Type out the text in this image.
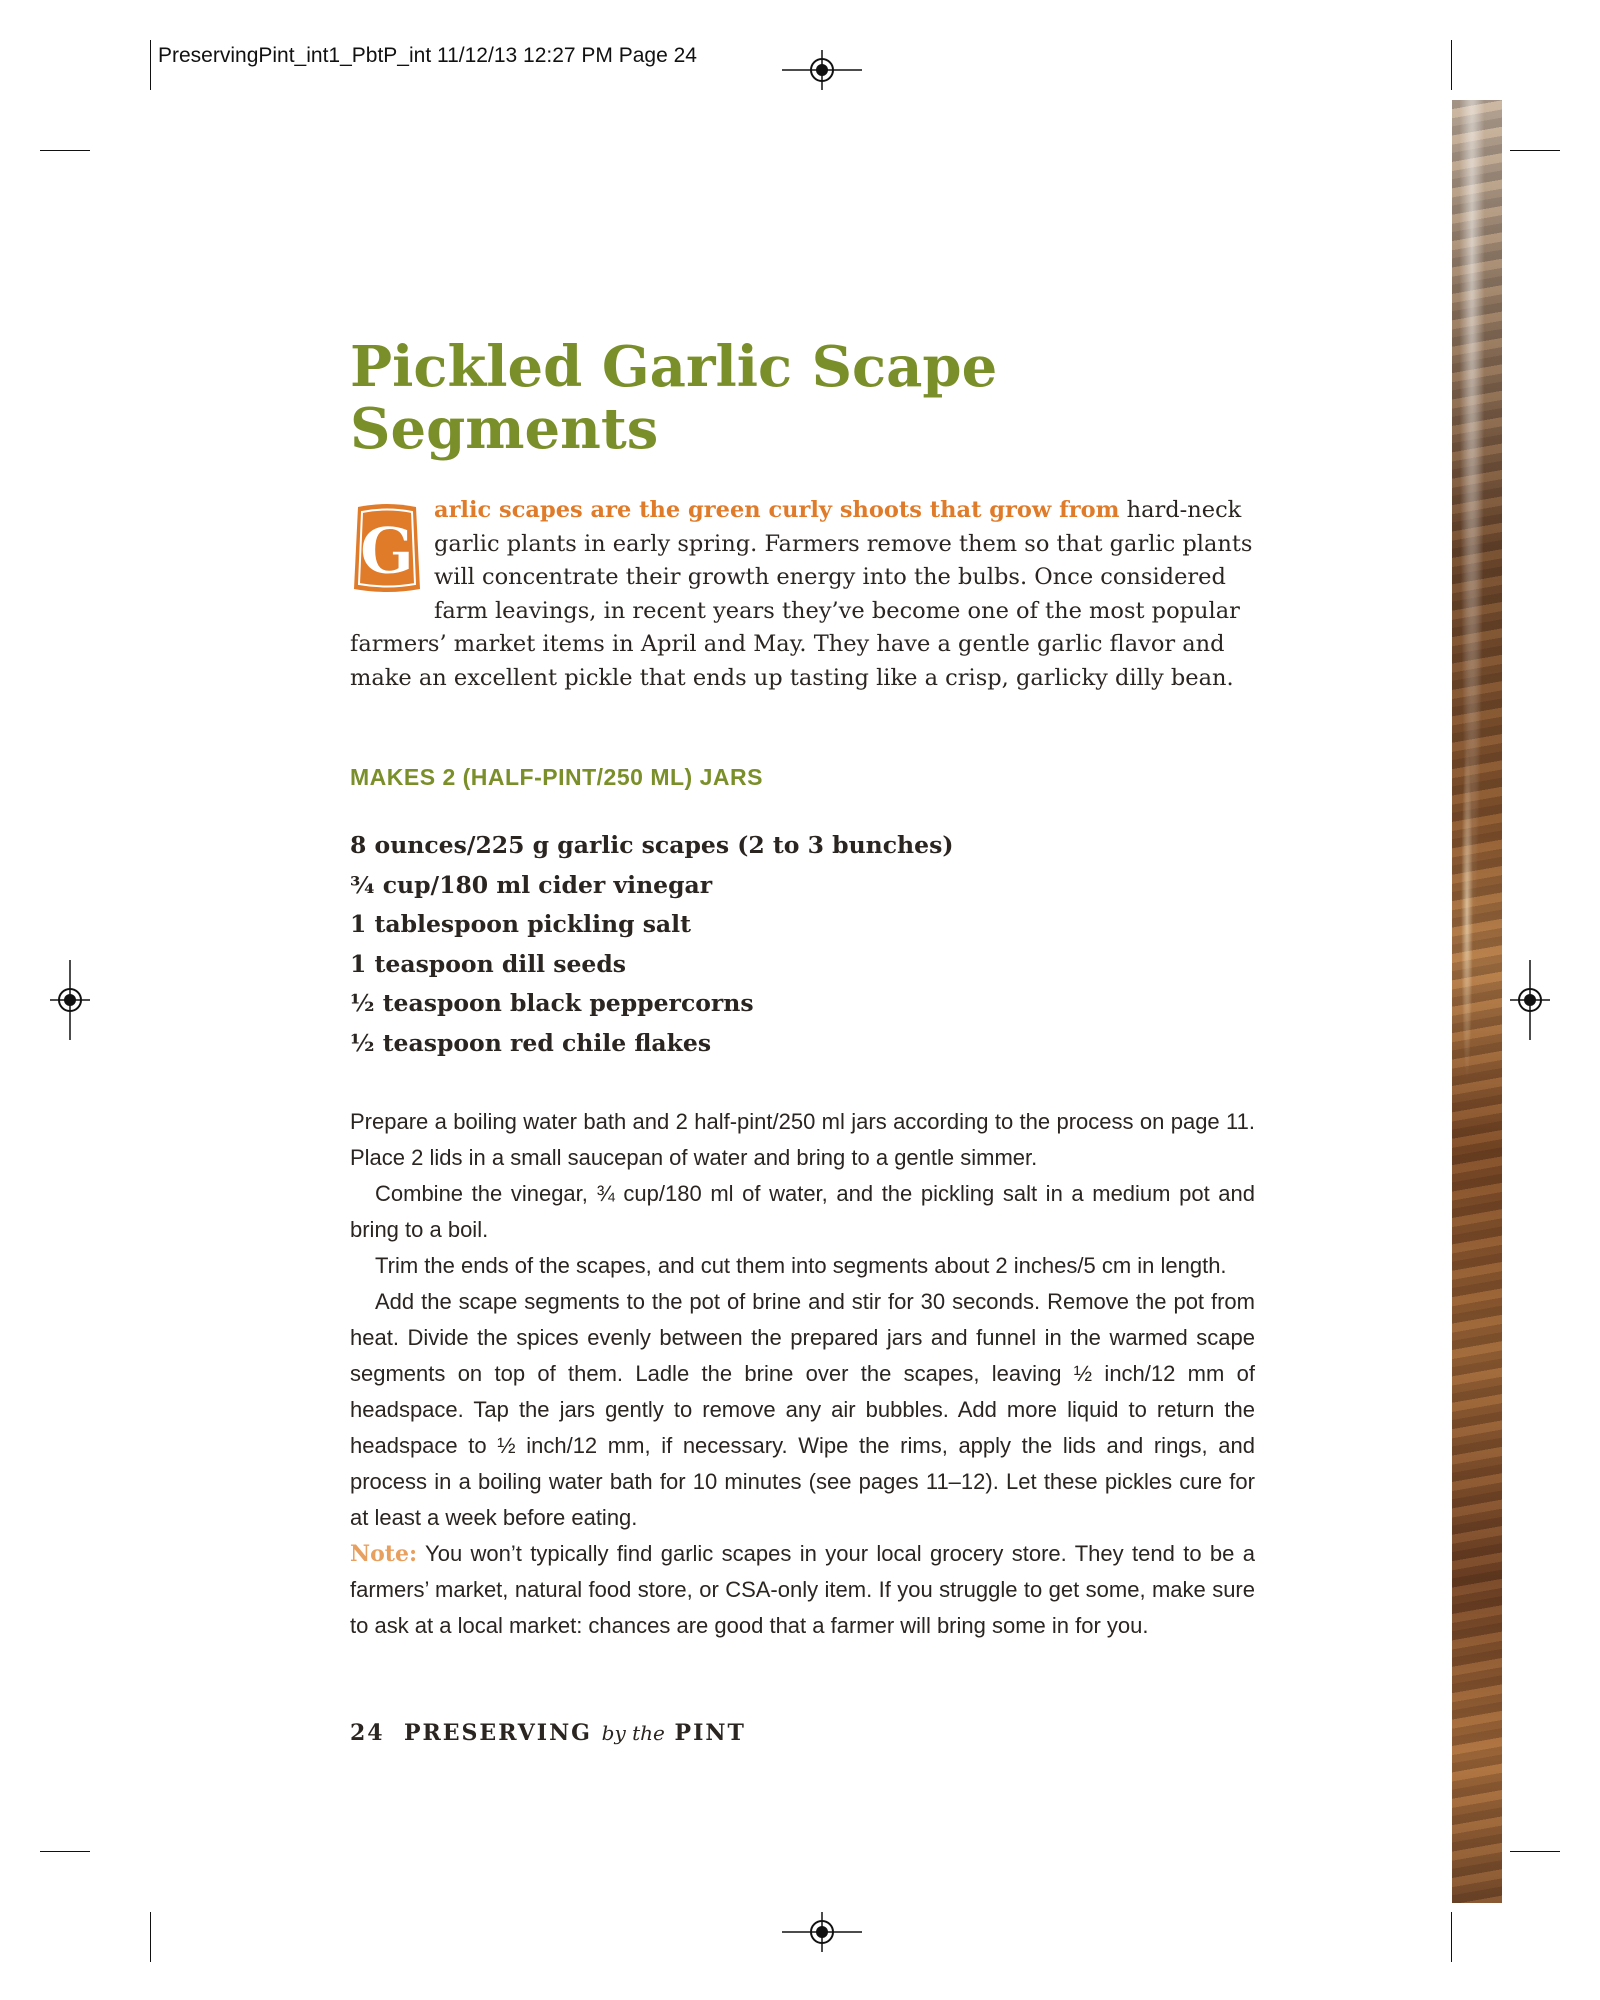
PreservingPint_int1_PbtP_int 11/12/13 12:27 PM Page 24
Pickled Garlic Scape Segments

G
arlic scapes are the green curly shoots that grow from hard-neck garlic plants in early spring. Farmers remove them so that garlic plants will concentrate their growth energy into the bulbs. Once considered farm leavings, in recent years they’ve become one of the most popular farmers’ market items in April and May. They have a gentle garlic flavor and make an excellent pickle that ends up tasting like a crisp, garlicky dilly bean.

MAKES 2 (HALF-PINT/250 ML) JARS
8 ounces/225 g garlic scapes (2 to 3 bunches)
¾ cup/180 ml cider vinegar
1 tablespoon pickling salt
1 teaspoon dill seeds
½ teaspoon black peppercorns
½ teaspoon red chile flakes

Prepare a boiling water bath and 2 half-pint/250 ml jars according to the process on page 11. Place 2 lids in a small saucepan of water and bring to a gentle simmer.

Combine the vinegar, ¾ cup/180 ml of water, and the pickling salt in a medium pot and bring to a boil.

Trim the ends of the scapes, and cut them into segments about 2 inches/5 cm in length.

Add the scape segments to the pot of brine and stir for 30 seconds. Remove the pot from heat. Divide the spices evenly between the prepared jars and funnel in the warmed scape segments on top of them. Ladle the brine over the scapes, leaving ½ inch/12 mm of headspace. Tap the jars gently to remove any air bubbles. Add more liquid to return the headspace to ½ inch/12 mm, if necessary. Wipe the rims, apply the lids and rings, and process in a boiling water bath for 10 minutes (see pages 11–12). Let these pickles cure for at least a week before eating.

Note: You won’t typically find garlic scapes in your local grocery store. They tend to be a farmers’ market, natural food store, or CSA-only item. If you struggle to get some, make sure to ask at a local market: chances are good that a farmer will bring some in for you.

24 PRESERVING by the PINT
